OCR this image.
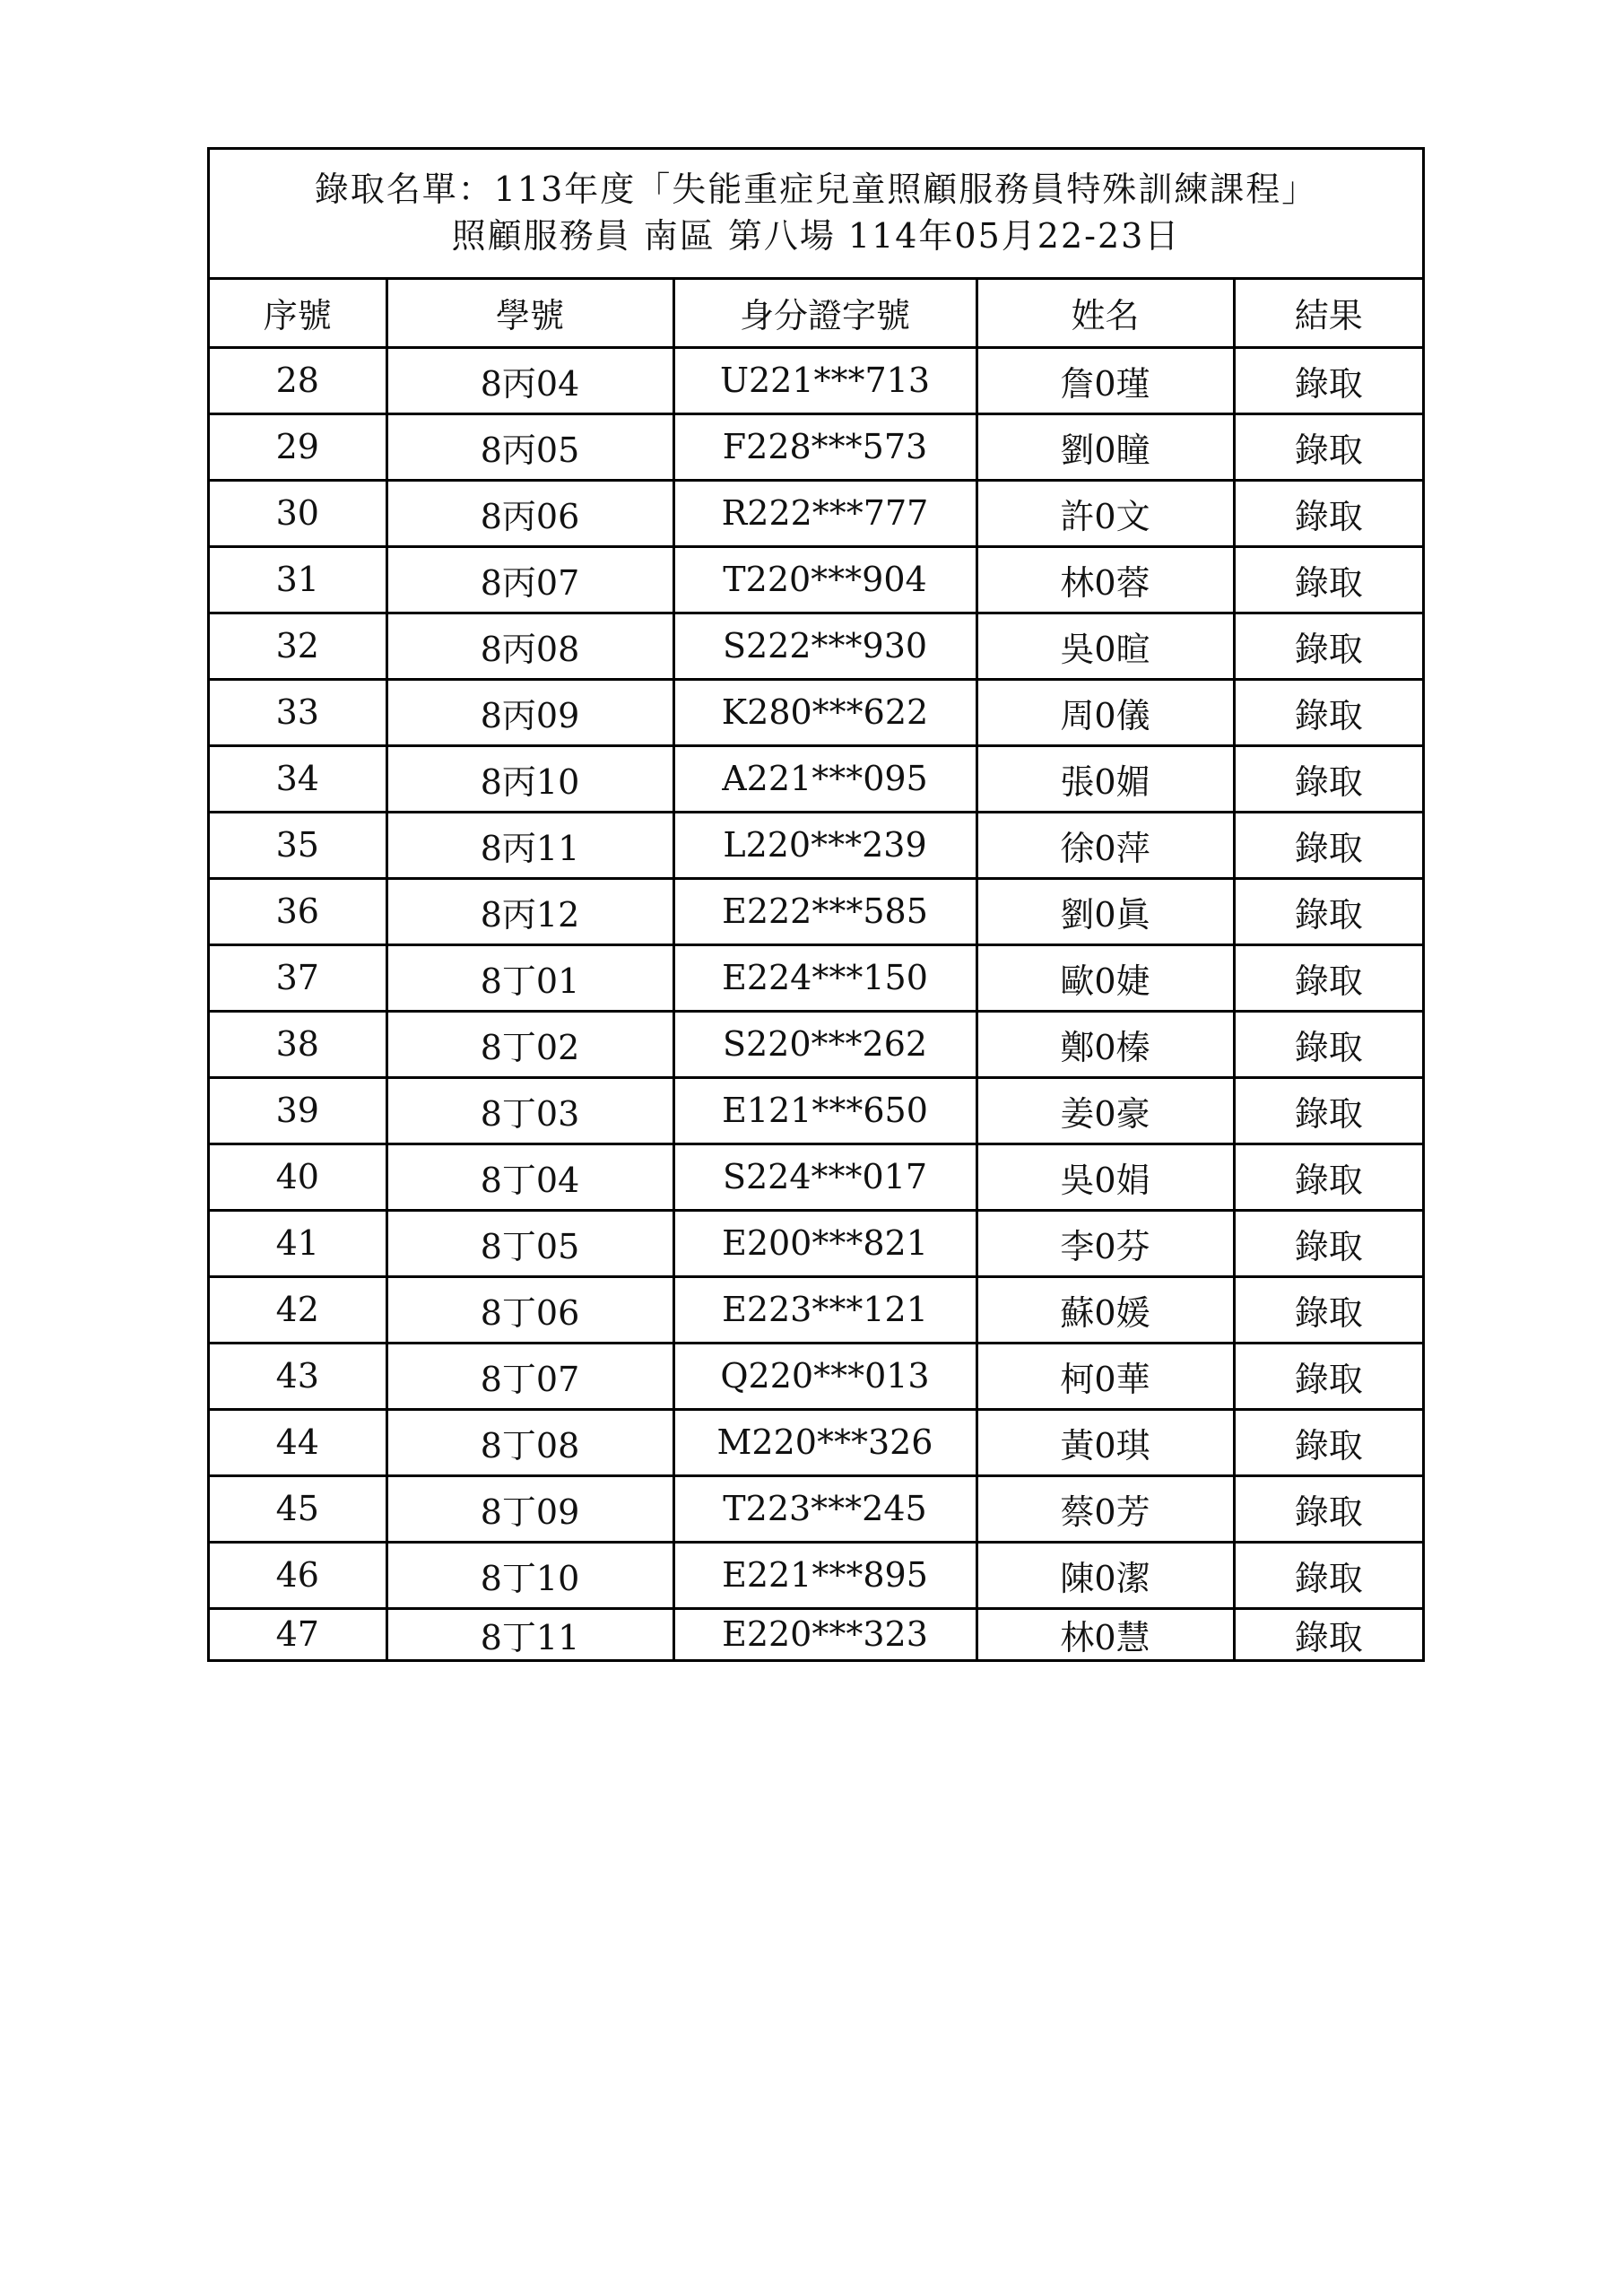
錄取名單：113年度「失能重症兒童照顧服務員特殊訓練課程」
照顧服務員 南區 第八場 114年05月22-23日
序號	學號	身分證字號	姓名	結果
28	8丙04	U221***713	詹0瑾	錄取
29	8丙05	F228***573	劉0瞳	錄取
30	8丙06	R222***777	許0文	錄取
31	8丙07	T220***904	林0蓉	錄取
32	8丙08	S222***930	吳0暄	錄取
33	8丙09	K280***622	周0儀	錄取
34	8丙10	A221***095	張0媚	錄取
35	8丙11	L220***239	徐0萍	錄取
36	8丙12	E222***585	劉0眞	錄取
37	8丁01	E224***150	歐0婕	錄取
38	8丁02	S220***262	鄭0榛	錄取
39	8丁03	E121***650	姜0豪	錄取
40	8丁04	S224***017	吳0娟	錄取
41	8丁05	E200***821	李0芬	錄取
42	8丁06	E223***121	蘇0媛	錄取
43	8丁07	Q220***013	柯0華	錄取
44	8丁08	M220***326	黃0琪	錄取
45	8丁09	T223***245	蔡0芳	錄取
46	8丁10	E221***895	陳0潔	錄取
47	8丁11	E220***323	林0慧	錄取
